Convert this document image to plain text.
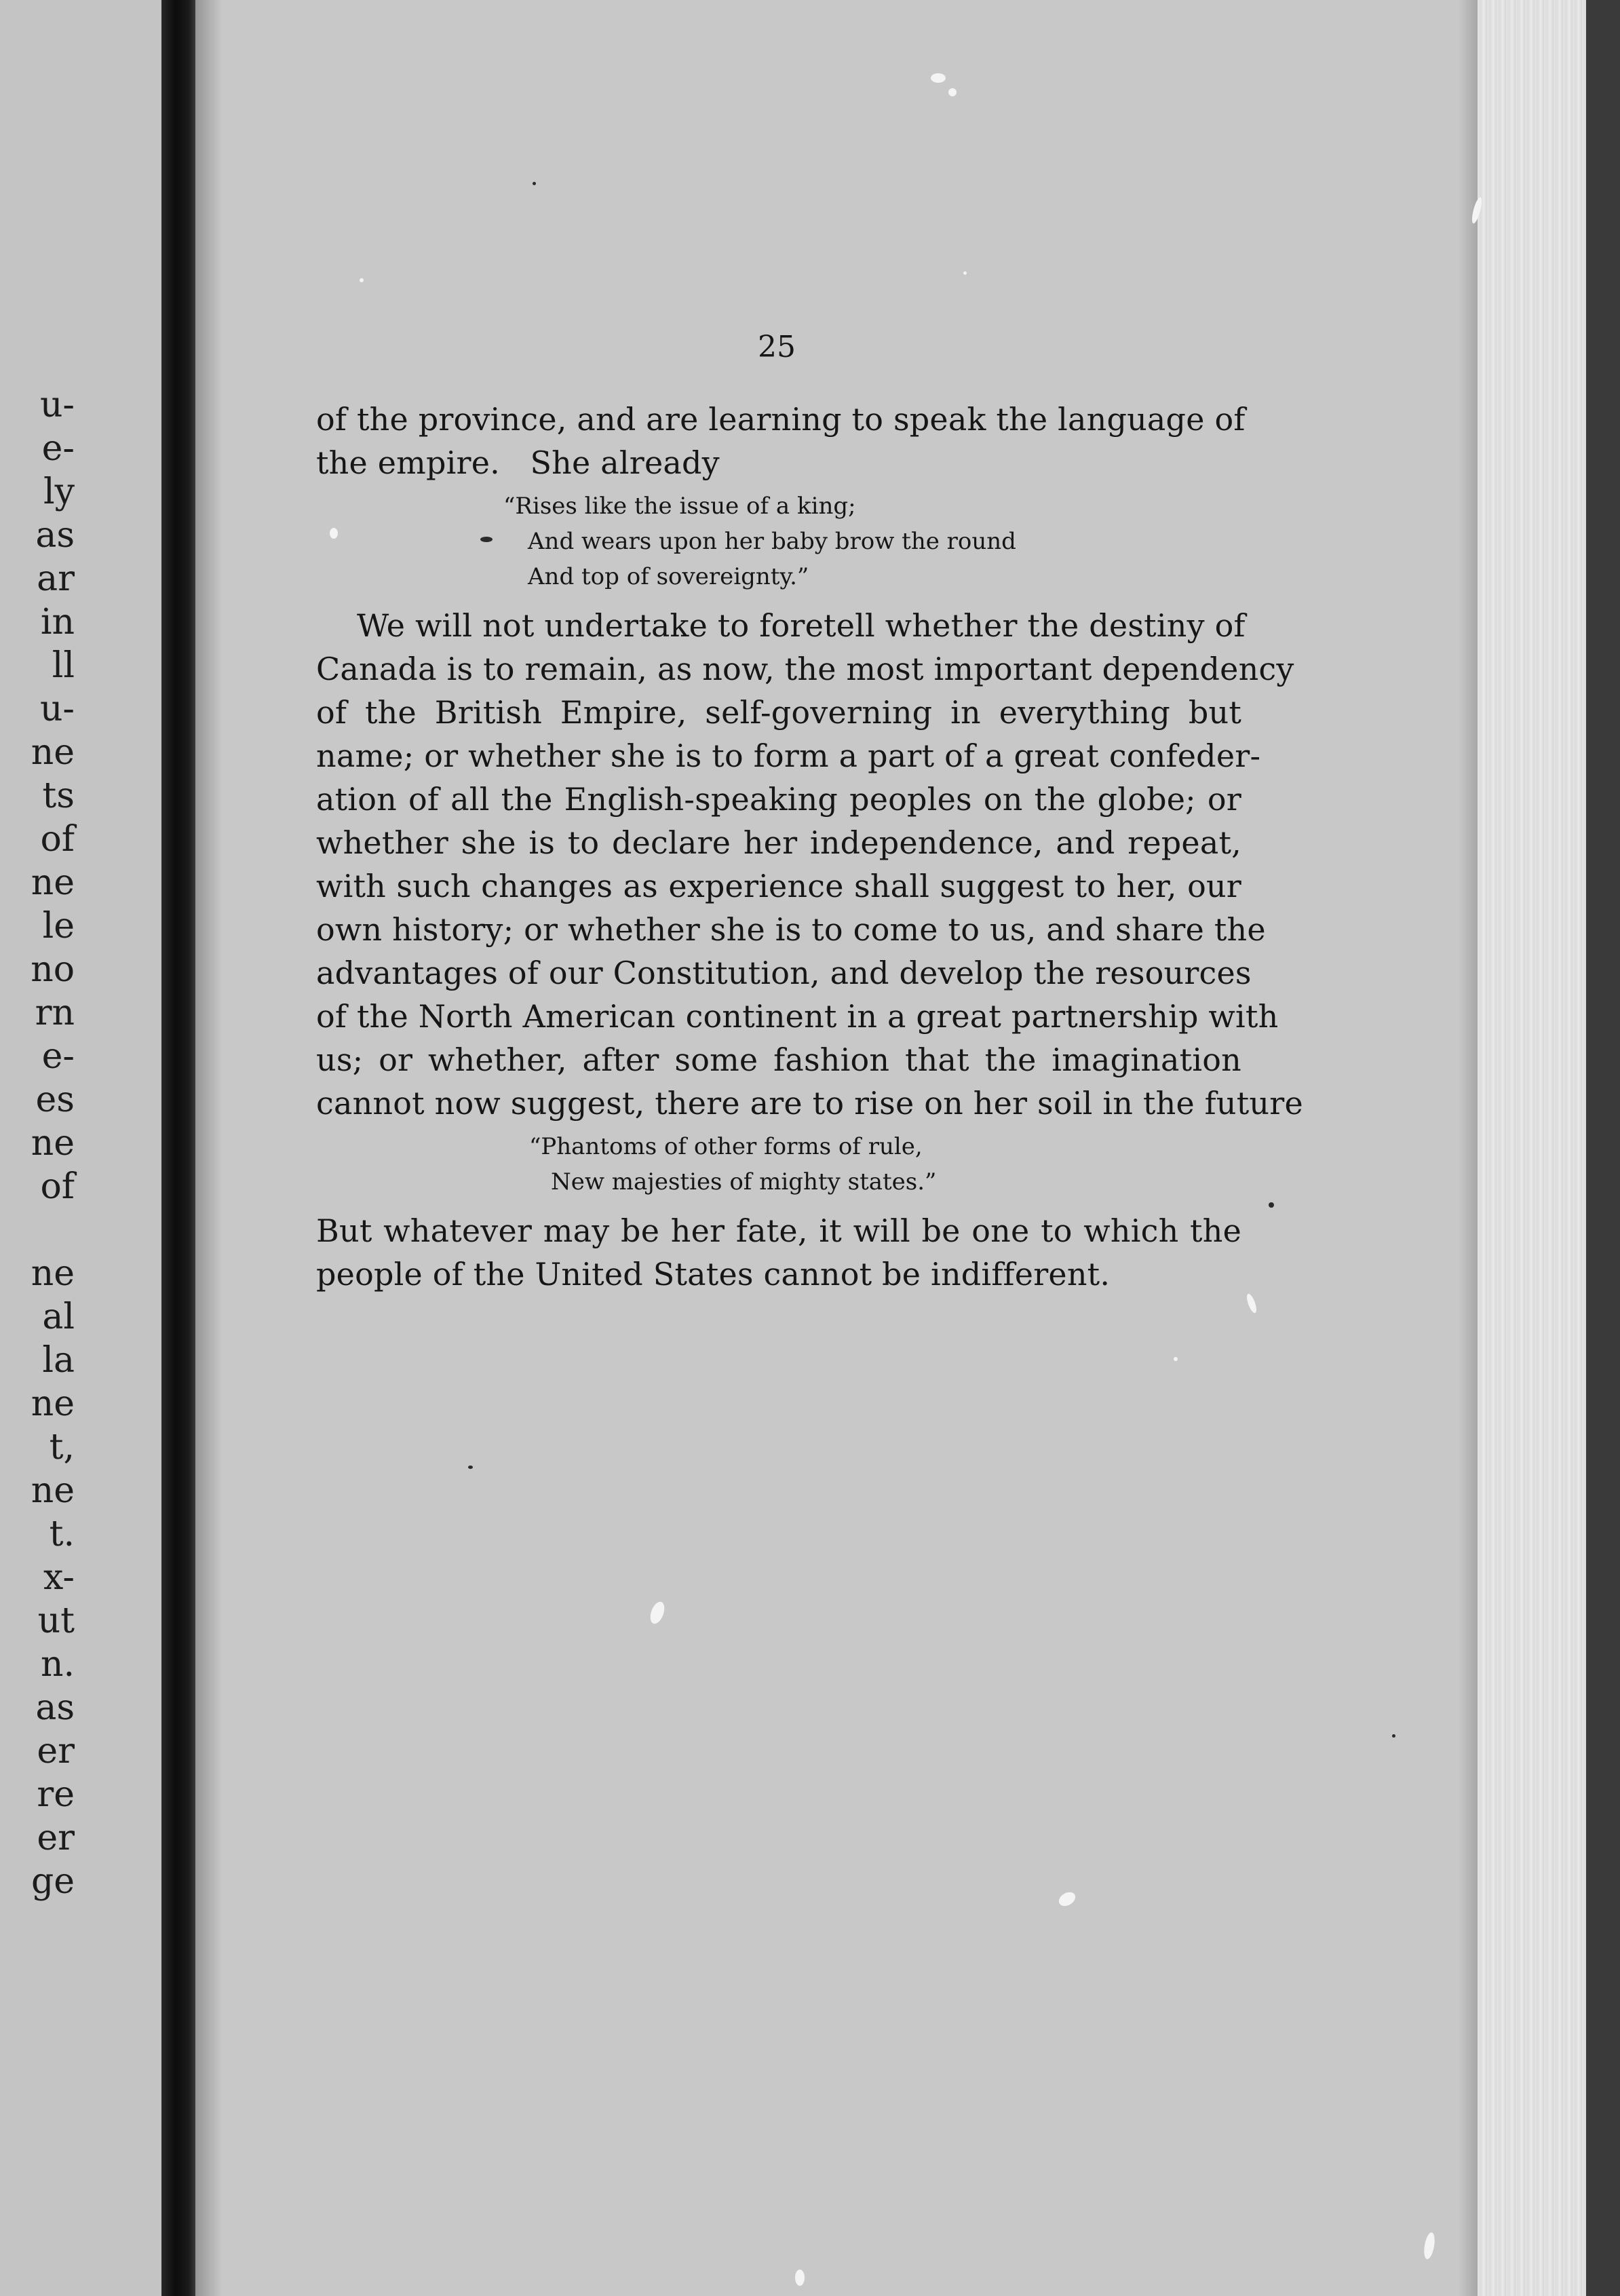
u-
e-
ly
as
ar
in
ll
u-
ne
ts
of
ne
le
no
rn
e-
es
ne
of
ne
al
la
ne
t,
ne
t.
x-
ut
n.
as
er
re
er
ge
25
of the province, and are learning to speak the language of
the empire.   She already
“Rises like the issue of a king;
And wears upon her baby brow the round
And top of sovereignty.”
We will not undertake to foretell whether the destiny of
Canada is to remain, as now, the most important dependency
of the British Empire, self-governing in everything but
name; or whether she is to form a part of a great confeder-
ation of all the English-speaking peoples on the globe; or
whether she is to declare her independence, and repeat,
with such changes as experience shall suggest to her, our
own history; or whether she is to come to us, and share the
advantages of our Constitution, and develop the resources
of the North American continent in a great partnership with
us; or whether, after some fashion that the imagination
cannot now suggest, there are to rise on her soil in the future
“Phantoms of other forms of rule,
New majesties of mighty states.”
But whatever may be her fate, it will be one to which the
people of the United States cannot be indifferent.
